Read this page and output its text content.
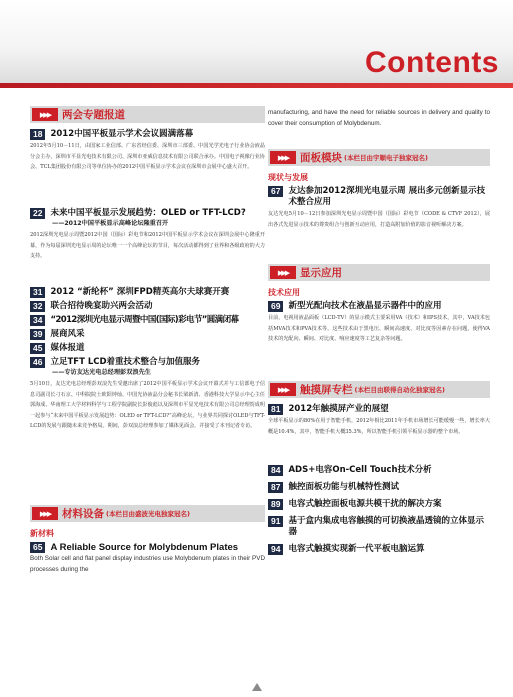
Contents
▶▶▶	两会专题报道
18 2012中国平板显示学术会议圆满落幕
2012年5月10－11日，由国家工业信部、广东省经信委、深圳市三部委、中国光学光电子行业协会液晶分会主办，深圳市平显光电技术有限公司、深圳市亚威信息技术有限公司联合承办。中国电子视像行业协会、TCL集团股份有限公司等单位协办的2012中国平板显示学术会议在深圳市会展中心盛大召开。
22 未来中国平板显示发展趋势：OLED or TFT-LCD?
——2012中国平板显示高峰论坛隆重召开
2012深圳光电显示周暨2012中国（国际）彩电节和2012中国平板显示学术会议在深圳会展中心隆重开幕，作为每届深圳光电显示周的论坛唯一一个高峰论坛的节目，每次活动都得到了业界和各级政府的大力支持。
31 2012 “新纶杯” 深圳FPD精英高尔夫球赛开赛
32 联合招待晚宴助兴两会活动
34 “2012深圳光电显示周暨中国(国际)彩电节”圆满闭幕
39 展商风采
45 媒体报道
46 立足TFT LCD着重技术整合与加值服务
——专访友达光电总经理彭双浪先生
5月10日，友达光电总经理彭双浪先生受邀出席了2012中国平板显示学术会议开幕式并与工信部电子信息司副司长刁石京、中科院院士欧阳钟灿、中国光协液晶分会秘书长梁新清、香港科技大学显示中心主任郭海成、华南理工大学材料科学与工程学院副院长彭俊彪以及深圳市平显光电技术有限公司总经理贺成明一起参与“未来中国平板显示发展趋势：OLED or TFT-LCD?”高峰论坛，与业界共同探讨OLED与TFT-LCD的发展与跟随未来竞争格局。期间，彭双浪总经理参加了媒体见面会，并接受了本刊记者专访。
▶▶▶	材料设备 (本栏目由盛波光电独家冠名)
新材料
65 A Reliable Source for Molybdenum Plates
Both Solar cell and flat panel display industries use Molybdenum plates in their PVD processes during the
manufacturing, and have the need for reliable sources in delivery and quality to cover their consumption of Molybdenum.
▶▶▶	面板模块 (本栏目由宇顺电子独家冠名)
现状与发展
67 友达参加2012深圳光电显示周 展出多元创新显示技术整合应用
友达光电5月10－12日参加深圳光电显示周暨中国（国际）彩电节（CODE & CTVF 2012），展出各式先进显示技术的尊贵组合与创新互动应用，打造高附加价值的影音视听解决方案。
▶▶▶	显示应用
技术应用
69 新型光配向技术在液晶显示器件中的应用
目前，电视用液晶面板（LCD-TV）的显示模式主要采用VA（技术）和IPS技术，其中，VA技术包括MVA技术和PVA技术等。这些技术由于黑电压、瞬间高速度、对比度等因素存在问题，使得VA技术的光配向、瞬间、对比度、响应速度等工艺复杂等问题。
▶▶▶	触摸屏专栏 (本栏目由联得自动化独家冠名)
81 2012年触摸屏产业的展望
全球平板显示的80%在用于智能手机，2012年相比2011年手机市场增长可能缓慢一些，增长率大概是10.4%，其中，智能手机大概35.3%，所以智能手机引领平板显示器的整个市场。
84 ADS+电容On-Cell Touch技术分析
87 触控面板功能与机械特性测试
89 电容式触控面板电源共模干扰的解决方案
91 基于盒内集成电容触摸的可切换液晶透镜的立体显示器
94 电容式触摸实现新一代平板电脑运算
